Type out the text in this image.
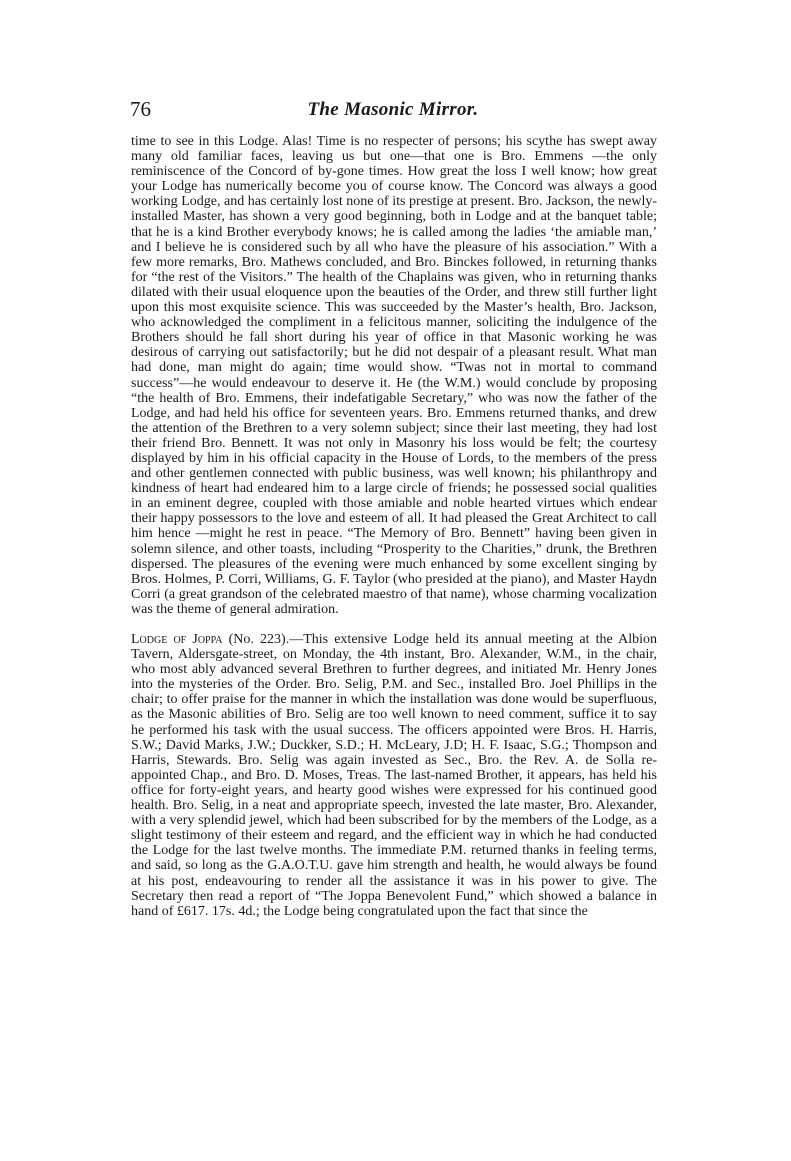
76	The Masonic Mirror.

time to see in this Lodge. Alas! Time is no respecter of persons; his scythe has swept away many old familiar faces, leaving us but one—that one is Bro. Emmens —the only reminiscence of the Concord of by-gone times. How great the loss I well know; how great your Lodge has numerically become you of course know. The Concord was always a good working Lodge, and has certainly lost none of its prestige at present. Bro. Jackson, the newly-installed Master, has shown a very good beginning, both in Lodge and at the banquet table; that he is a kind Brother everybody knows; he is called among the ladies ‘the amiable man,’ and I believe he is considered such by all who have the pleasure of his association.” With a few more remarks, Bro. Mathews concluded, and Bro. Binckes followed, in returning thanks for “the rest of the Visitors.” The health of the Chaplains was given, who in returning thanks dilated with their usual eloquence upon the beauties of the Order, and threw still further light upon this most exquisite science. This was succeeded by the Master’s health, Bro. Jackson, who acknowledged the compliment in a felicitous manner, soliciting the indulgence of the Brothers should he fall short during his year of office in that Masonic working he was desirous of carrying out satisfactorily; but he did not despair of a pleasant result. What man had done, man might do again; time would show. “Twas not in mortal to command success”—he would endeavour to deserve it. He (the W.M.) would conclude by proposing “the health of Bro. Emmens, their indefatigable Secretary,” who was now the father of the Lodge, and had held his office for seventeen years. Bro. Emmens returned thanks, and drew the attention of the Brethren to a very solemn subject; since their last meeting, they had lost their friend Bro. Bennett. It was not only in Masonry his loss would be felt; the courtesy displayed by him in his official capacity in the House of Lords, to the members of the press and other gentlemen connected with public business, was well known; his philanthropy and kindness of heart had endeared him to a large circle of friends; he possessed social qualities in an eminent degree, coupled with those amiable and noble hearted virtues which endear their happy possessors to the love and esteem of all. It had pleased the Great Architect to call him hence —might he rest in peace. “The Memory of Bro. Bennett” having been given in solemn silence, and other toasts, including “Prosperity to the Charities,” drunk, the Brethren dispersed. The pleasures of the evening were much enhanced by some excellent singing by Bros. Holmes, P. Corri, Williams, G. F. Taylor (who presided at the piano), and Master Haydn Corri (a great grandson of the celebrated maestro of that name), whose charming vocalization was the theme of general admiration.

Lodge of Joppa (No. 223).—This extensive Lodge held its annual meeting at the Albion Tavern, Aldersgate-street, on Monday, the 4th instant, Bro. Alexander, W.M., in the chair, who most ably advanced several Brethren to further degrees, and initiated Mr. Henry Jones into the mysteries of the Order. Bro. Selig, P.M. and Sec., installed Bro. Joel Phillips in the chair; to offer praise for the manner in which the installation was done would be superfluous, as the Masonic abilities of Bro. Selig are too well known to need comment, suffice it to say he performed his task with the usual success. The officers appointed were Bros. H. Harris, S.W.; David Marks, J.W.; Duckker, S.D.; H. McLeary, J.D; H. F. Isaac, S.G.; Thompson and Harris, Stewards. Bro. Selig was again invested as Sec., Bro. the Rev. A. de Solla re-appointed Chap., and Bro. D. Moses, Treas. The last-named Brother, it appears, has held his office for forty-eight years, and hearty good wishes were expressed for his continued good health. Bro. Selig, in a neat and appropriate speech, invested the late master, Bro. Alexander, with a very splendid jewel, which had been subscribed for by the members of the Lodge, as a slight testimony of their esteem and regard, and the efficient way in which he had conducted the Lodge for the last twelve months. The immediate P.M. returned thanks in feeling terms, and said, so long as the G.A.O.T.U. gave him strength and health, he would always be found at his post, endeavouring to render all the assistance it was in his power to give. The Secretary then read a report of “The Joppa Benevolent Fund,” which showed a balance in hand of £617. 17s. 4d.; the Lodge being congratulated upon the fact that since the
